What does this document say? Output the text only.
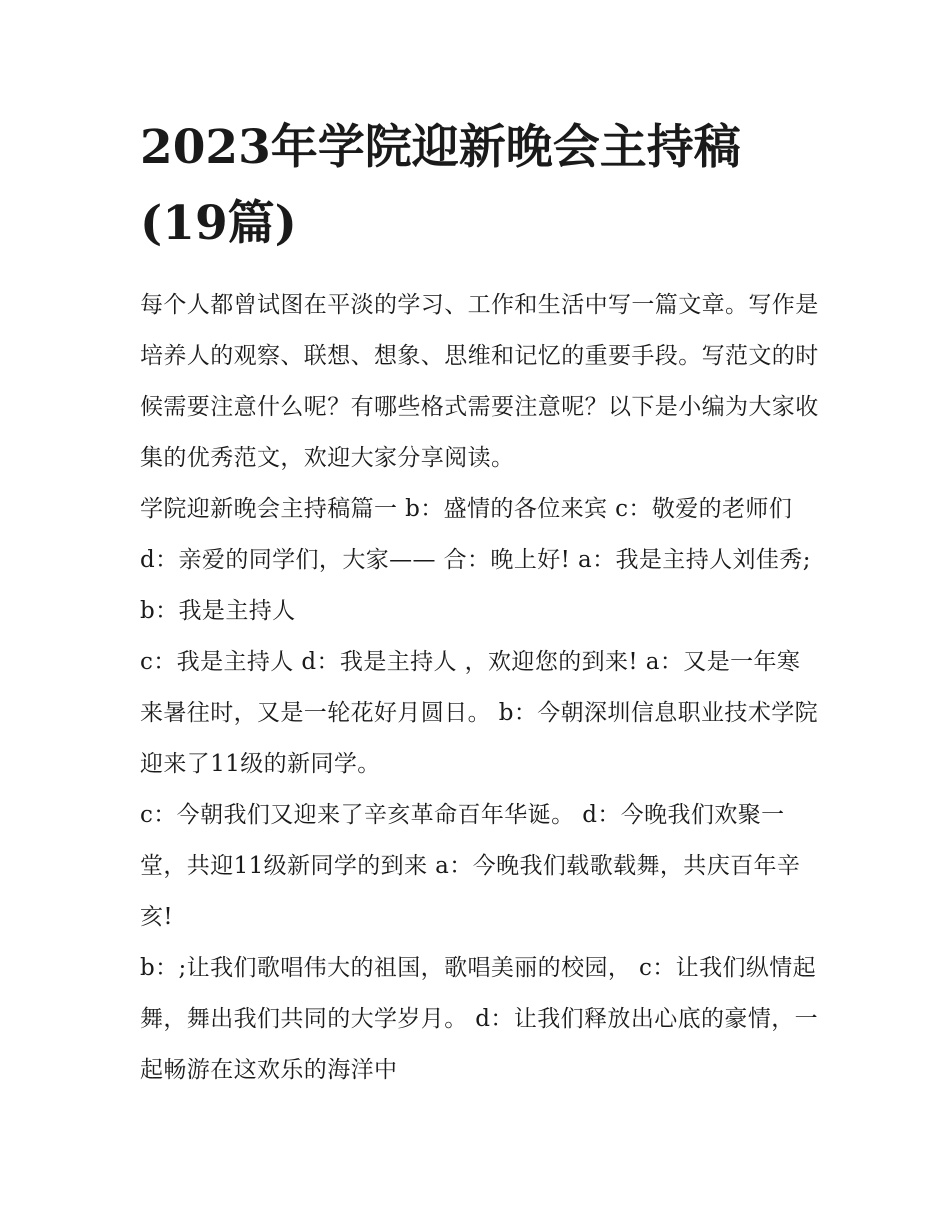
2023年学院迎新晚会主持稿
(19篇)

每个人都曾试图在平淡的学习、工作和生活中写一篇文章。写作是培养人的观察、联想、想象、思维和记忆的重要手段。写范文的时候需要注意什么呢？有哪些格式需要注意呢？以下是小编为大家收集的优秀范文，欢迎大家分享阅读。

学院迎新晚会主持稿篇一 b：盛情的各位来宾 c：敬爱的老师们 d：亲爱的同学们，大家—— 合：晚上好! a：我是主持人刘佳秀; b：我是主持人

c：我是主持人 d：我是主持人 ，欢迎您的到来! a：又是一年寒来暑往时，又是一轮花好月圆日。 b：今朝深圳信息职业技术学院迎来了11级的新同学。

c：今朝我们又迎来了辛亥革命百年华诞。 d：今晚我们欢聚一堂，共迎11级新同学的到来 a：今晚我们载歌载舞，共庆百年辛亥!

b：;让我们歌唱伟大的祖国，歌唱美丽的校园， c：让我们纵情起舞，舞出我们共同的大学岁月。 d：让我们释放出心底的豪情，一起畅游在这欢乐的海洋中
